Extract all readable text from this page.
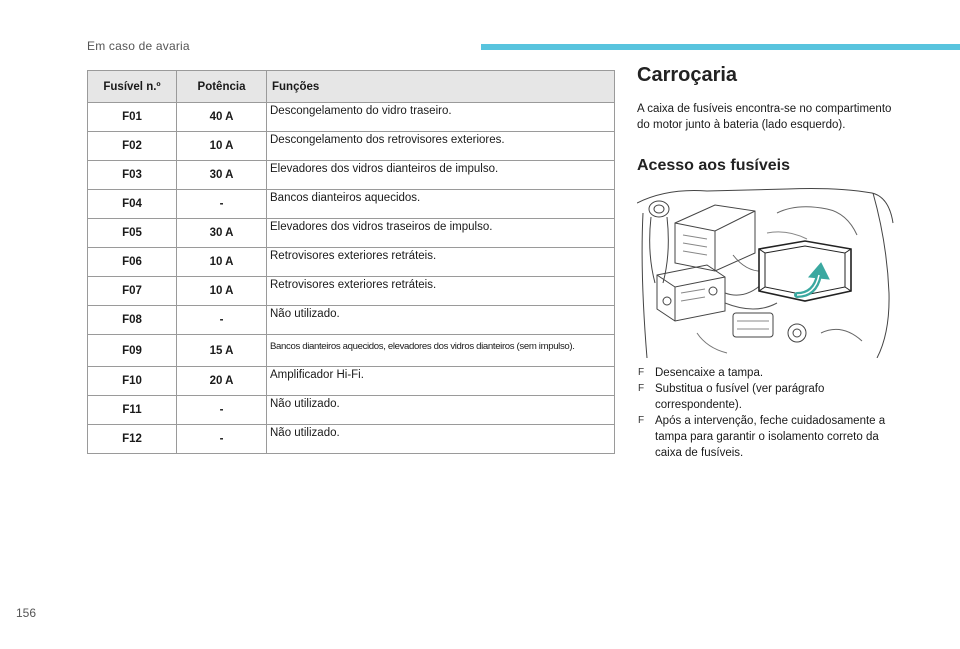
Em caso de avaria
Fusível n.º	Potência	Funções
F01	40 A	Descongelamento do vidro traseiro.
F02	10 A	Descongelamento dos retrovisores exteriores.
F03	30 A	Elevadores dos vidros dianteiros de impulso.
F04	-	Bancos dianteiros aquecidos.
F05	30 A	Elevadores dos vidros traseiros de impulso.
F06	10 A	Retrovisores exteriores retráteis.
F07	10 A	Retrovisores exteriores retráteis.
F08	-	Não utilizado.
F09	15 A	Bancos dianteiros aquecidos, elevadores dos vidros dianteiros (sem impulso).
F10	20 A	Amplificador Hi-Fi.
F11	-	Não utilizado.
F12	-	Não utilizado.
Carroçaria

A caixa de fusíveis encontra-se no compartimento do motor junto à bateria (lado esquerdo).

Acesso aos fusíveis
F Desencaixe a tampa.
F Substitua o fusível (ver parágrafo correspondente).
F Após a intervenção, feche cuidadosamente a tampa para garantir o isolamento correto da caixa de fusíveis.
156
